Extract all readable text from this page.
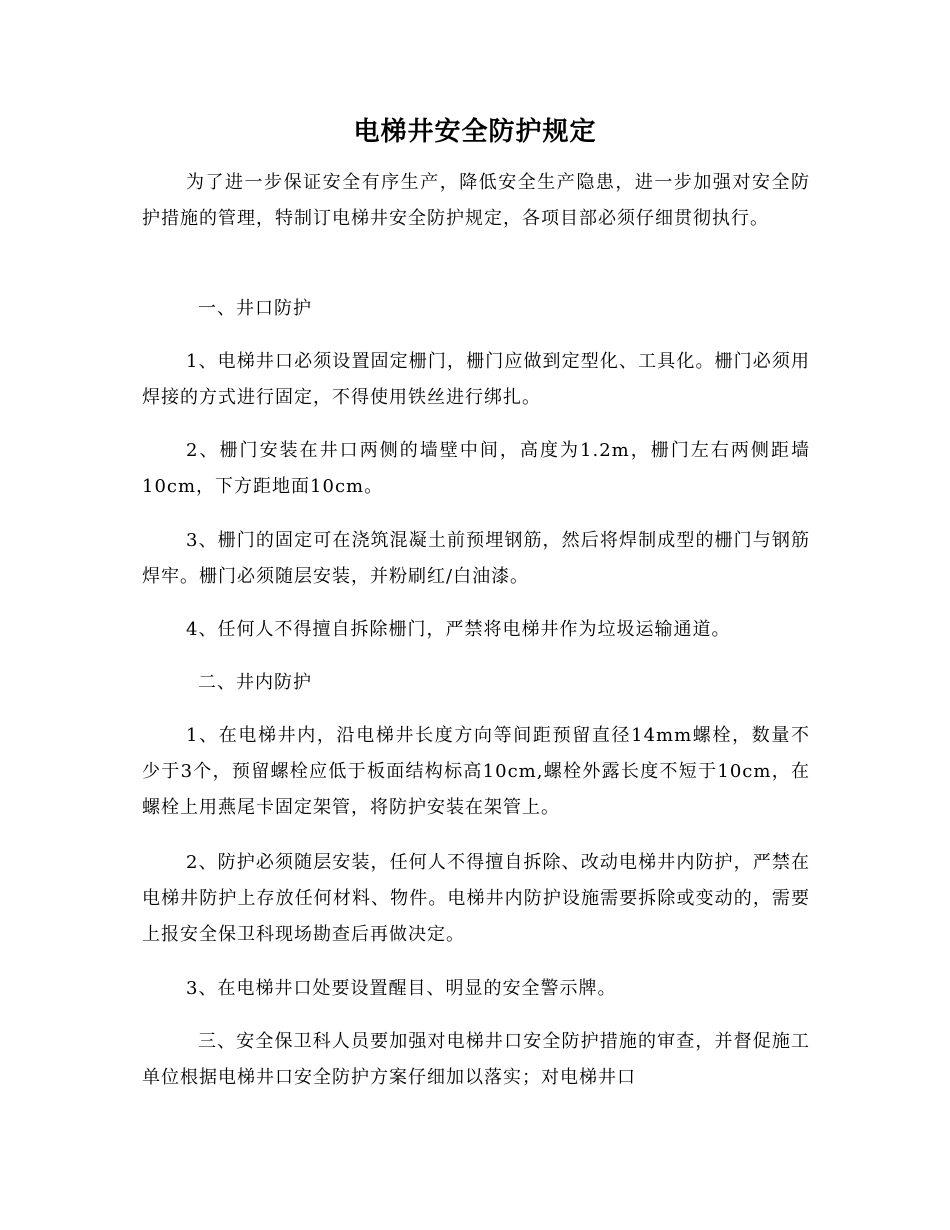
电梯井安全防护规定

为了进一步保证安全有序生产，降低安全生产隐患，进一步加强对安全防护措施的管理，特制订电梯井安全防护规定，各项目部必须仔细贯彻执行。

一、井口防护

1、电梯井口必须设置固定栅门，栅门应做到定型化、工具化。栅门必须用焊接的方式进行固定，不得使用铁丝进行绑扎。

2、栅门安装在井口两侧的墙壁中间，高度为1.2m，栅门左右两侧距墙10cm，下方距地面10cm。

3、栅门的固定可在浇筑混凝土前预埋钢筋，然后将焊制成型的栅门与钢筋焊牢。栅门必须随层安装，并粉刷红/白油漆。

4、任何人不得擅自拆除栅门，严禁将电梯井作为垃圾运输通道。

二、井内防护

1、在电梯井内，沿电梯井长度方向等间距预留直径14mm螺栓，数量不少于3个，预留螺栓应低于板面结构标高10cm,螺栓外露长度不短于10cm，在螺栓上用燕尾卡固定架管，将防护安装在架管上。

2、防护必须随层安装，任何人不得擅自拆除、改动电梯井内防护，严禁在电梯井防护上存放任何材料、物件。电梯井内防护设施需要拆除或变动的，需要上报安全保卫科现场勘查后再做决定。

3、在电梯井口处要设置醒目、明显的安全警示牌。

三、安全保卫科人员要加强对电梯井口安全防护措施的审查，并督促施工单位根据电梯井口安全防护方案仔细加以落实；对电梯井口
